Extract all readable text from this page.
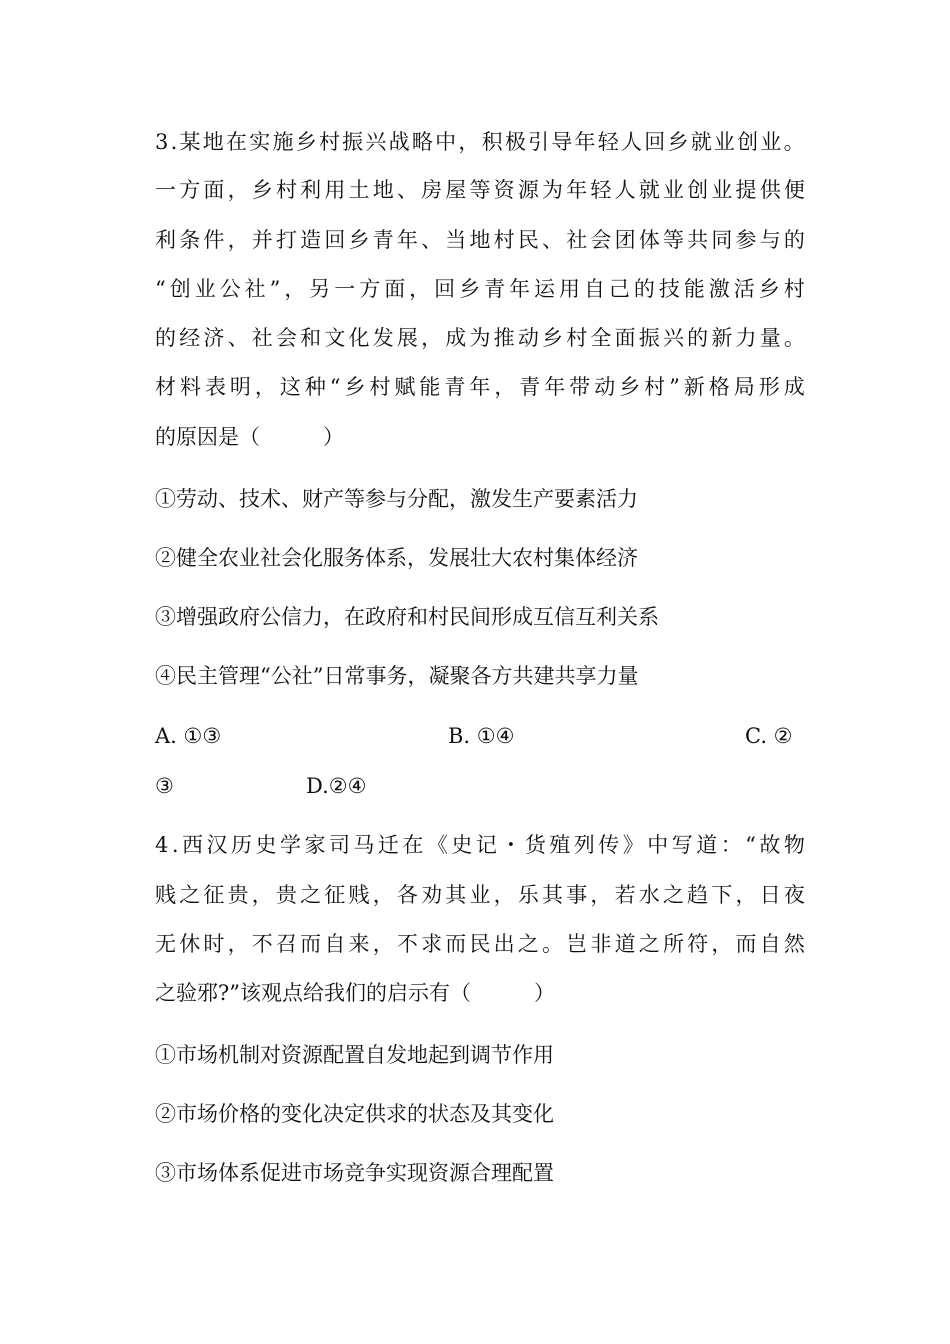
3 . 某 地 在 实 施 乡 村 振 兴 战 略 中 ， 积 极 引 导 年 轻 人 回 乡 就 业 创 业 。
一 方 面 ， 乡 村 利 用 土 地 、 房 屋 等 资 源 为 年 轻 人 就 业 创 业 提 供 便
利 条 件 ， 并 打 造 回 乡 青 年 、 当 地 村 民 、 社 会 团 体 等 共 同 参 与 的
“ 创 业 公 社 ” ， 另 一 方 面 ， 回 乡 青 年 运 用 自 己 的 技 能 激 活 乡 村
的 经 济 、 社 会 和 文 化 发 展 ， 成 为 推 动 乡 村 全 面 振 兴 的 新 力 量 。
材 料 表 明 ， 这 种 “ 乡 村 赋 能 青 年 ， 青 年 带 动 乡 村 ” 新 格 局 形 成
的原因是（　　　）
①劳动、技术、财产等参与分配，激发生产要素活力
②健全农业社会化服务体系，发展壮大农村集体经济
③增强政府公信力，在政府和村民间形成互信互利关系
④民主管理“公社”日常事务，凝聚各方共建共享力量
A. ①③	B. ①④	C. ②
③	D.②④
4 . 西 汉 历 史 学 家 司 马 迁 在 《 史 记 ・ 货 殖 列 传 》 中 写 道 ： “ 故 物
贱 之 征 贵 ， 贵 之 征 贱 ， 各 劝 其 业 ， 乐 其 事 ， 若 水 之 趋 下 ， 日 夜
无 休 时 ， 不 召 而 自 来 ， 不 求 而 民 出 之 。 岂 非 道 之 所 符 ， 而 自 然
之验邪?”该观点给我们的启示有（　　　）
①市场机制对资源配置自发地起到调节作用
②市场价格的变化决定供求的状态及其变化
③市场体系促进市场竞争实现资源合理配置
